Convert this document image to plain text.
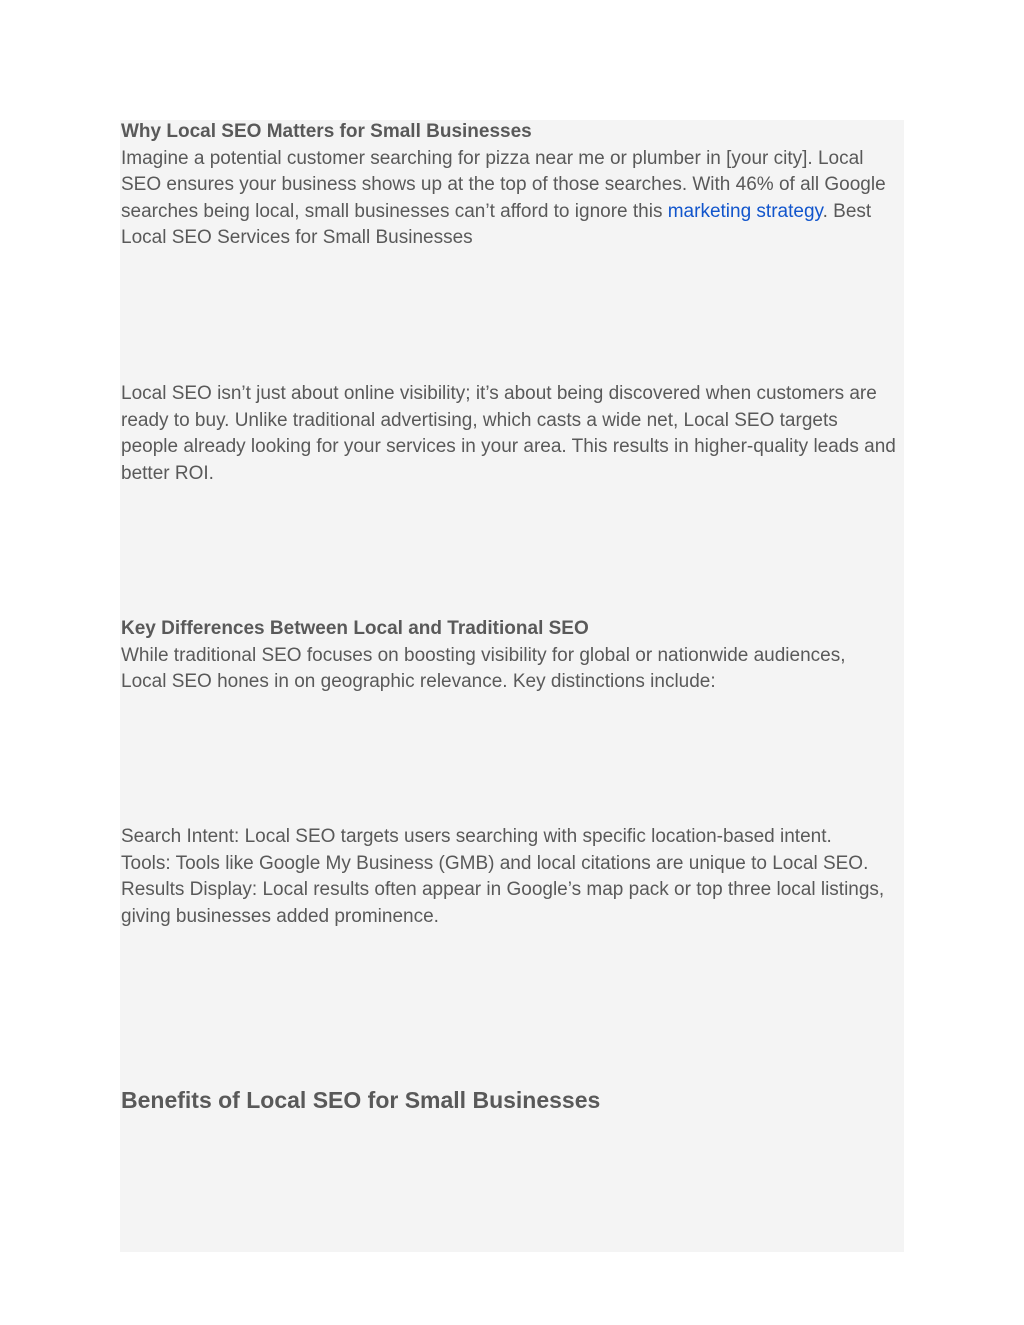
Why Local SEO Matters for Small Businesses

Imagine a potential customer searching for pizza near me or plumber in [your city]. Local SEO ensures your business shows up at the top of those searches. With 46% of all Google searches being local, small businesses can’t afford to ignore this marketing strategy. Best Local SEO Services for Small Businesses

Local SEO isn’t just about online visibility; it’s about being discovered when customers are ready to buy. Unlike traditional advertising, which casts a wide net, Local SEO targets people already looking for your services in your area. This results in higher-quality leads and better ROI.

Key Differences Between Local and Traditional SEO

While traditional SEO focuses on boosting visibility for global or nationwide audiences, Local SEO hones in on geographic relevance. Key distinctions include:

Search Intent: Local SEO targets users searching with specific location-based intent.
Tools: Tools like Google My Business (GMB) and local citations are unique to Local SEO.
Results Display: Local results often appear in Google’s map pack or top three local listings, giving businesses added prominence.
Benefits of Local SEO for Small Businesses
